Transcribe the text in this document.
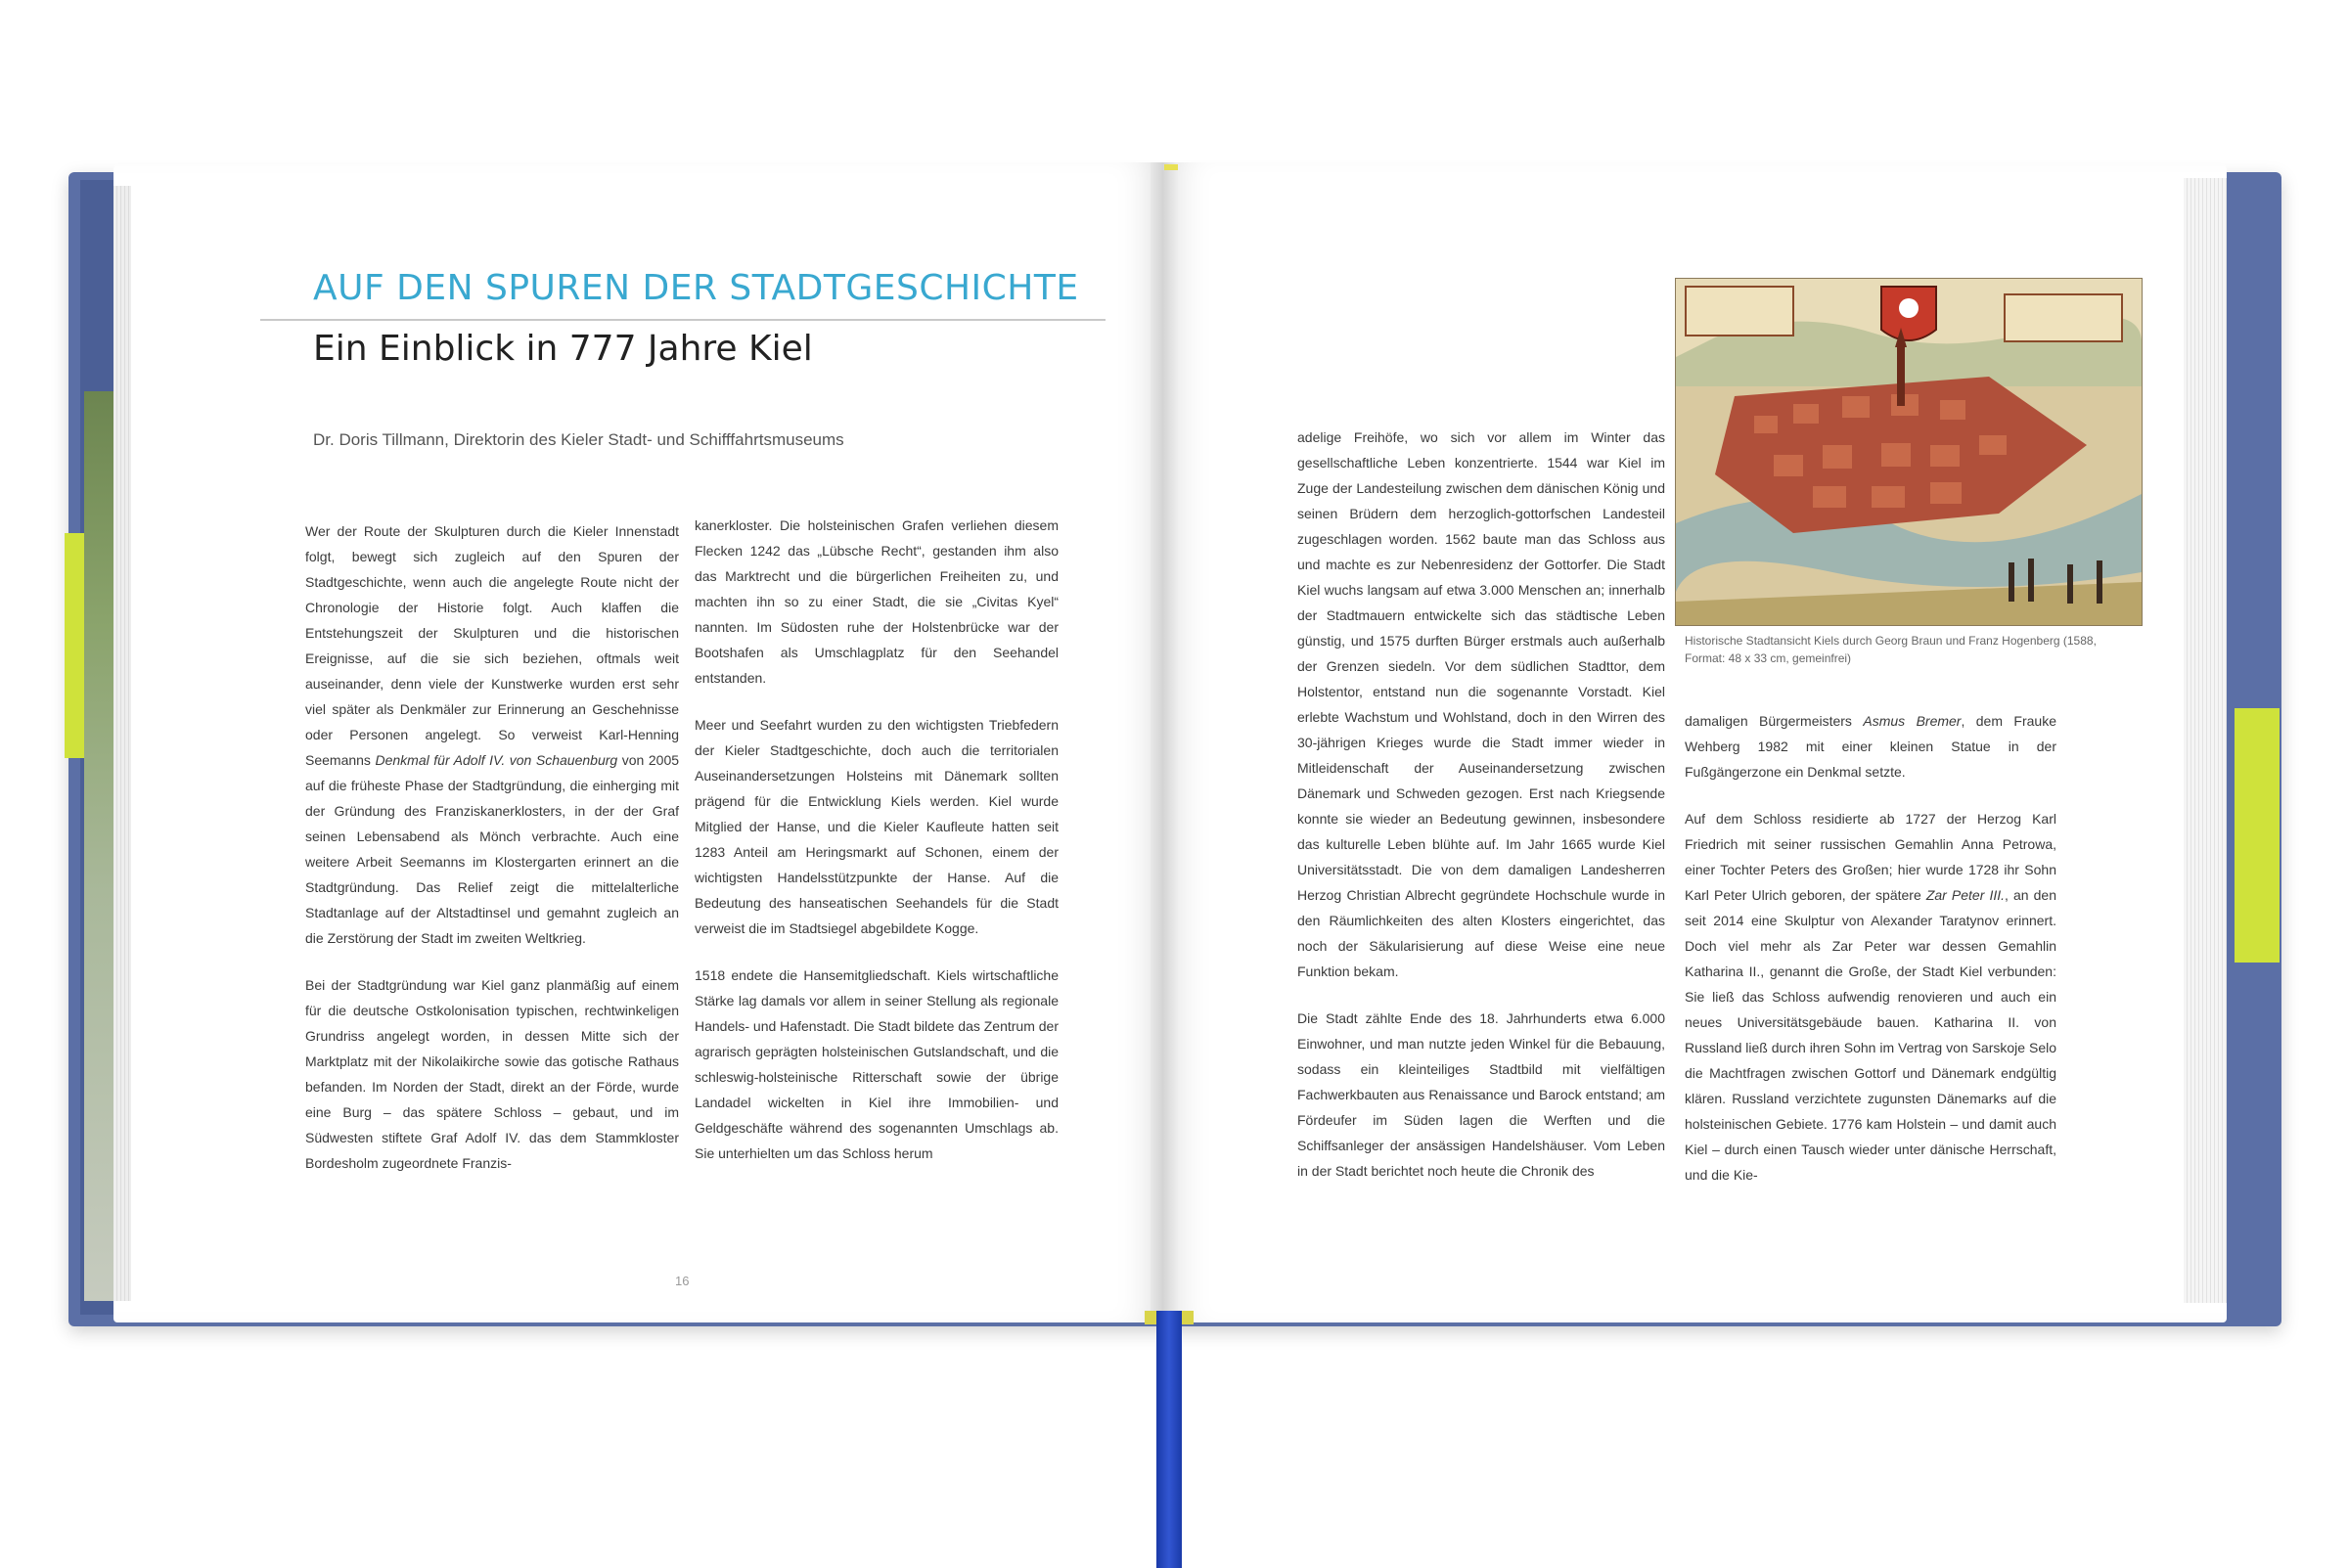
AUF DEN SPUREN DER STADTGESCHICHTE
Ein Einblick in 777 Jahre Kiel
Dr. Doris Tillmann, Direktorin des Kieler Stadt- und Schifffahrtsmuseums

Wer der Route der Skulpturen durch die Kieler Innenstadt folgt, bewegt sich zugleich auf den Spuren der Stadtgeschichte, wenn auch die angelegte Route nicht der Chronologie der Historie folgt. Auch klaffen die Entstehungszeit der Skulpturen und die historischen Ereignisse, auf die sie sich beziehen, oftmals weit auseinander, denn viele der Kunstwerke wurden erst sehr viel später als Denkmäler zur Erinnerung an Geschehnisse oder Personen angelegt. So verweist Karl-Henning Seemanns Denkmal für Adolf IV. von Schauenburg von 2005 auf die früheste Phase der Stadtgründung, die einherging mit der Gründung des Franziskanerklosters, in der der Graf seinen Lebensabend als Mönch verbrachte. Auch eine weitere Arbeit Seemanns im Klostergarten erinnert an die Stadtgründung. Das Relief zeigt die mittelalterliche Stadtanlage auf der Altstadtinsel und gemahnt zugleich an die Zerstörung der Stadt im zweiten Weltkrieg.

Bei der Stadtgründung war Kiel ganz planmäßig auf einem für die deutsche Ostkolonisation typischen, rechtwinkeligen Grundriss angelegt worden, in dessen Mitte sich der Marktplatz mit der Nikolaikirche sowie das gotische Rathaus befanden. Im Norden der Stadt, direkt an der Förde, wurde eine Burg – das spätere Schloss – gebaut, und im Südwesten stiftete Graf Adolf IV. das dem Stammkloster Bordesholm zugeordnete Franzis-

kanerkloster. Die holsteinischen Grafen verliehen diesem Flecken 1242 das „Lübsche Recht“, gestanden ihm also das Marktrecht und die bürgerlichen Freiheiten zu, und machten ihn so zu einer Stadt, die sie „Civitas Kyel“ nannten. Im Südosten ruhe der Holstenbrücke war der Bootshafen als Umschlagplatz für den Seehandel entstanden.

Meer und Seefahrt wurden zu den wichtigsten Triebfedern der Kieler Stadtgeschichte, doch auch die territorialen Auseinandersetzungen Holsteins mit Dänemark sollten prägend für die Entwicklung Kiels werden. Kiel wurde Mitglied der Hanse, und die Kieler Kaufleute hatten seit 1283 Anteil am Heringsmarkt auf Schonen, einem der wichtigsten Handelsstützpunkte der Hanse. Auf die Bedeutung des hanseatischen Seehandels für die Stadt verweist die im Stadtsiegel abgebildete Kogge.

1518 endete die Hansemitgliedschaft. Kiels wirtschaftliche Stärke lag damals vor allem in seiner Stellung als regionale Handels- und Hafenstadt. Die Stadt bildete das Zentrum der agrarisch geprägten holsteinischen Gutslandschaft, und die schleswig-holsteinische Ritterschaft sowie der übrige Landadel wickelten in Kiel ihre Immobilien- und Geldgeschäfte während des sogenannten Umschlags ab. Sie unterhielten um das Schloss herum

16
Historische Stadtansicht Kiels durch Georg Braun und Franz Hogenberg (1588, Format: 48 x 33 cm, gemeinfrei)

adelige Freihöfe, wo sich vor allem im Winter das gesellschaftliche Leben konzentrierte. 1544 war Kiel im Zuge der Landesteilung zwischen dem dänischen König und seinen Brüdern dem herzoglich-gottorfschen Landesteil zugeschlagen worden. 1562 baute man das Schloss aus und machte es zur Nebenresidenz der Gottorfer. Die Stadt Kiel wuchs langsam auf etwa 3.000 Menschen an; innerhalb der Stadtmauern entwickelte sich das städtische Leben günstig, und 1575 durften Bürger erstmals auch außerhalb der Grenzen siedeln. Vor dem südlichen Stadttor, dem Holstentor, entstand nun die sogenannte Vorstadt. Kiel erlebte Wachstum und Wohlstand, doch in den Wirren des 30-jährigen Krieges wurde die Stadt immer wieder in Mitleidenschaft der Auseinandersetzung zwischen Dänemark und Schweden gezogen. Erst nach Kriegsende konnte sie wieder an Bedeutung gewinnen, insbesondere das kulturelle Leben blühte auf. Im Jahr 1665 wurde Kiel Universitätsstadt. Die von dem damaligen Landesherren Herzog Christian Albrecht gegründete Hochschule wurde in den Räumlichkeiten des alten Klosters eingerichtet, das noch der Säkularisierung auf diese Weise eine neue Funktion bekam.

Die Stadt zählte Ende des 18. Jahrhunderts etwa 6.000 Einwohner, und man nutzte jeden Winkel für die Bebauung, sodass ein kleinteiliges Stadtbild mit vielfältigen Fachwerkbauten aus Renaissance und Barock entstand; am Fördeufer im Süden lagen die Werften und die Schiffsanleger der ansässigen Handelshäuser. Vom Leben in der Stadt berichtet noch heute die Chronik des

damaligen Bürgermeisters Asmus Bremer, dem Frauke Wehberg 1982 mit einer kleinen Statue in der Fußgängerzone ein Denkmal setzte.

Auf dem Schloss residierte ab 1727 der Herzog Karl Friedrich mit seiner russischen Gemahlin Anna Petrowa, einer Tochter Peters des Großen; hier wurde 1728 ihr Sohn Karl Peter Ulrich geboren, der spätere Zar Peter III., an den seit 2014 eine Skulptur von Alexander Taratynov erinnert. Doch viel mehr als Zar Peter war dessen Gemahlin Katharina II., genannt die Große, der Stadt Kiel verbunden: Sie ließ das Schloss aufwendig renovieren und auch ein neues Universitätsgebäude bauen. Katharina II. von Russland ließ durch ihren Sohn im Vertrag von Sarskoje Selo die Machtfragen zwischen Gottorf und Dänemark endgültig klären. Russland verzichtete zugunsten Dänemarks auf die holsteinischen Gebiete. 1776 kam Holstein – und damit auch Kiel – durch einen Tausch wieder unter dänische Herrschaft, und die Kie-
